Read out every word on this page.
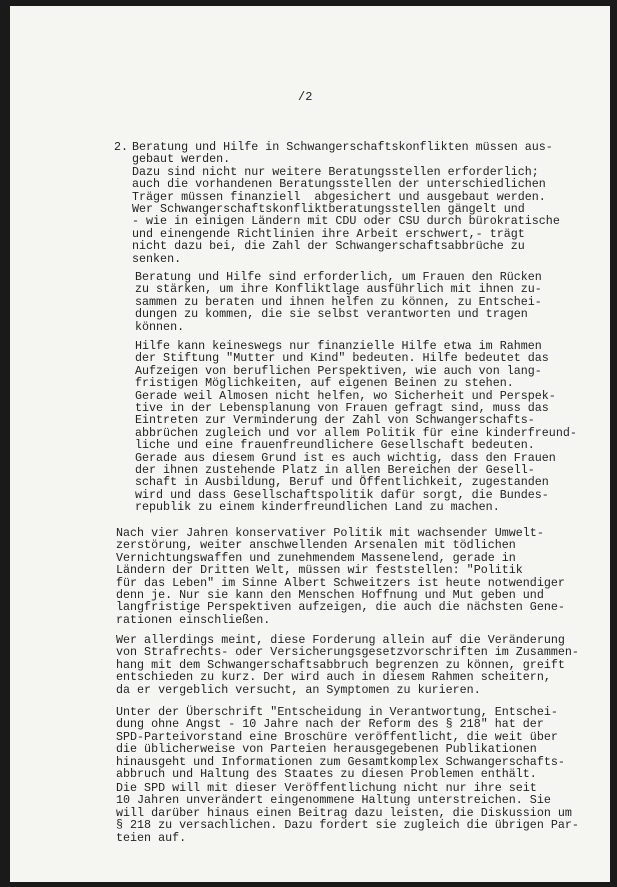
/2
2. Beratung und Hilfe in Schwangerschaftskonflikten müssen aus-
gebaut werden.
Dazu sind nicht nur weitere Beratungsstellen erforderlich;
auch die vorhandenen Beratungsstellen der unterschiedlichen
Träger müssen finanziell  abgesichert und ausgebaut werden.
Wer Schwangerschaftskonfliktberatungsstellen gängelt und
- wie in einigen Ländern mit CDU oder CSU durch bürokratische
und einengende Richtlinien ihre Arbeit erschwert,- trägt
nicht dazu bei, die Zahl der Schwangerschaftsabbrüche zu
senken.
Beratung und Hilfe sind erforderlich, um Frauen den Rücken
zu stärken, um ihre Konfliktlage ausführlich mit ihnen zu-
sammen zu beraten und ihnen helfen zu können, zu Entschei-
dungen zu kommen, die sie selbst verantworten und tragen
können.
Hilfe kann keineswegs nur finanzielle Hilfe etwa im Rahmen
der Stiftung "Mutter und Kind" bedeuten. Hilfe bedeutet das
Aufzeigen von beruflichen Perspektiven, wie auch von lang-
fristigen Möglichkeiten, auf eigenen Beinen zu stehen.
Gerade weil Almosen nicht helfen, wo Sicherheit und Perspek-
tive in der Lebensplanung von Frauen gefragt sind, muss das
Eintreten zur Verminderung der Zahl von Schwangerschafts-
abbrüchen zugleich und vor allem Politik für eine kinderfreund-
liche und eine frauenfreundlichere Gesellschaft bedeuten.
Gerade aus diesem Grund ist es auch wichtig, dass den Frauen
der ihnen zustehende Platz in allen Bereichen der Gesell-
schaft in Ausbildung, Beruf und Öffentlichkeit, zugestanden
wird und dass Gesellschaftspolitik dafür sorgt, die Bundes-
republik zu einem kinderfreundlichen Land zu machen.
Nach vier Jahren konservativer Politik mit wachsender Umwelt-
zerstörung, weiter anschwellenden Arsenalen mit tödlichen
Vernichtungswaffen und zunehmendem Massenelend, gerade in
Ländern der Dritten Welt, müssen wir feststellen: "Politik
für das Leben" im Sinne Albert Schweitzers ist heute notwendiger
denn je. Nur sie kann den Menschen Hoffnung und Mut geben und
langfristige Perspektiven aufzeigen, die auch die nächsten Gene-
rationen einschließen.
Wer allerdings meint, diese Forderung allein auf die Veränderung
von Strafrechts- oder Versicherungsgesetzvorschriften im Zusammen-
hang mit dem Schwangerschaftsabbruch begrenzen zu können, greift
entschieden zu kurz. Der wird auch in diesem Rahmen scheitern,
da er vergeblich versucht, an Symptomen zu kurieren.
Unter der Überschrift "Entscheidung in Verantwortung, Entschei-
dung ohne Angst - 10 Jahre nach der Reform des § 218" hat der
SPD-Parteivorstand eine Broschüre veröffentlicht, die weit über
die üblicherweise von Parteien herausgegebenen Publikationen
hinausgeht und Informationen zum Gesamtkomplex Schwangerschafts-
abbruch und Haltung des Staates zu diesen Problemen enthält.
Die SPD will mit dieser Veröffentlichung nicht nur ihre seit
10 Jahren unverändert eingenommene Haltung unterstreichen. Sie
will darüber hinaus einen Beitrag dazu leisten, die Diskussion um
§ 218 zu versachlichen. Dazu fordert sie zugleich die übrigen Par-
teien auf.
